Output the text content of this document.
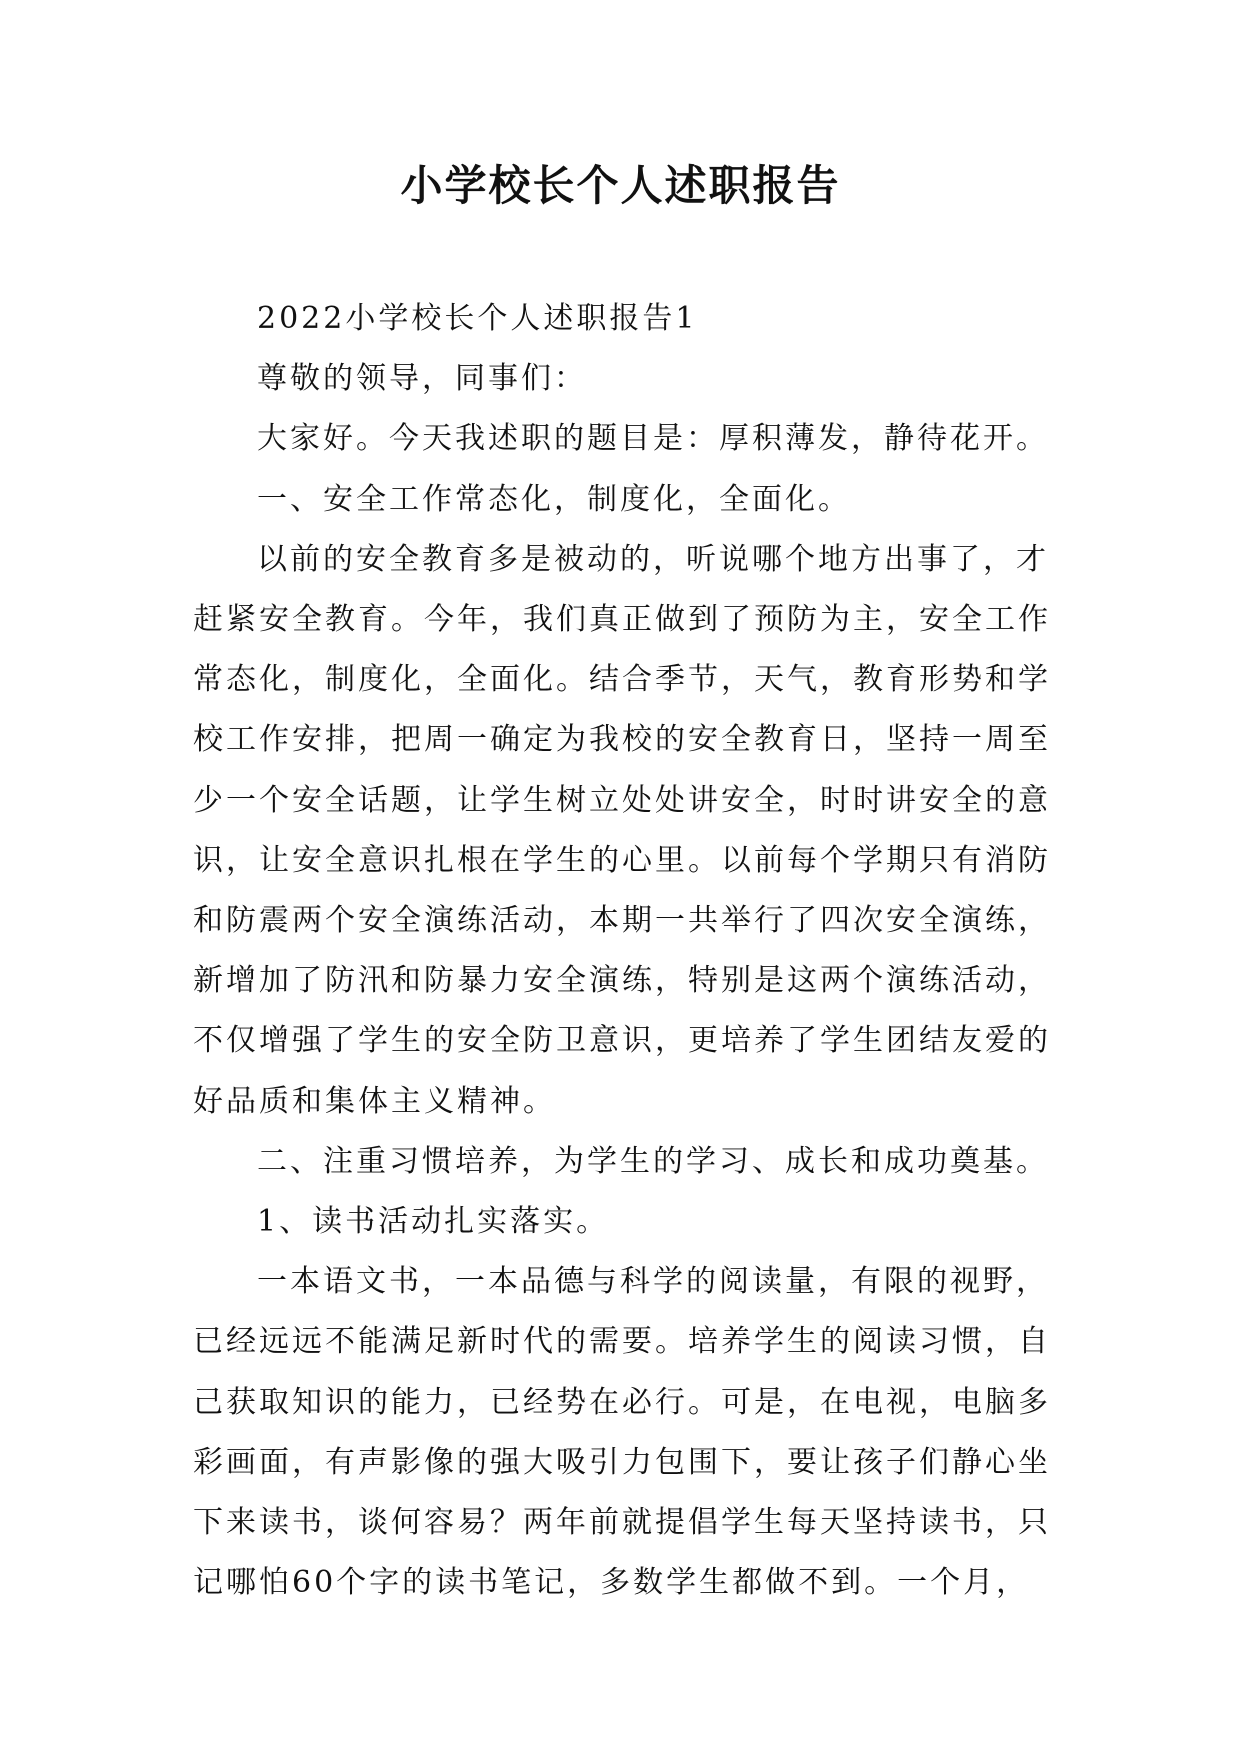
小学校长个人述职报告

2022小学校长个人述职报告1

尊敬的领导，同事们：

大家好。今天我述职的题目是：厚积薄发，静待花开。

一、安全工作常态化，制度化，全面化。

以前的安全教育多是被动的，听说哪个地方出事了，才赶紧安全教育。今年，我们真正做到了预防为主，安全工作常态化，制度化，全面化。结合季节，天气，教育形势和学校工作安排，把周一确定为我校的安全教育日，坚持一周至少一个安全话题，让学生树立处处讲安全，时时讲安全的意识，让安全意识扎根在学生的心里。以前每个学期只有消防和防震两个安全演练活动，本期一共举行了四次安全演练，新增加了防汛和防暴力安全演练，特别是这两个演练活动，不仅增强了学生的安全防卫意识，更培养了学生团结友爱的好品质和集体主义精神。

二、注重习惯培养，为学生的学习、成长和成功奠基。

1、读书活动扎实落实。

一本语文书，一本品德与科学的阅读量，有限的视野，已经远远不能满足新时代的需要。培养学生的阅读习惯，自己获取知识的能力，已经势在必行。可是，在电视，电脑多彩画面，有声影像的强大吸引力包围下，要让孩子们静心坐下来读书，谈何容易？两年前就提倡学生每天坚持读书，只记哪怕60个字的读书笔记，多数学生都做不到。一个月，
